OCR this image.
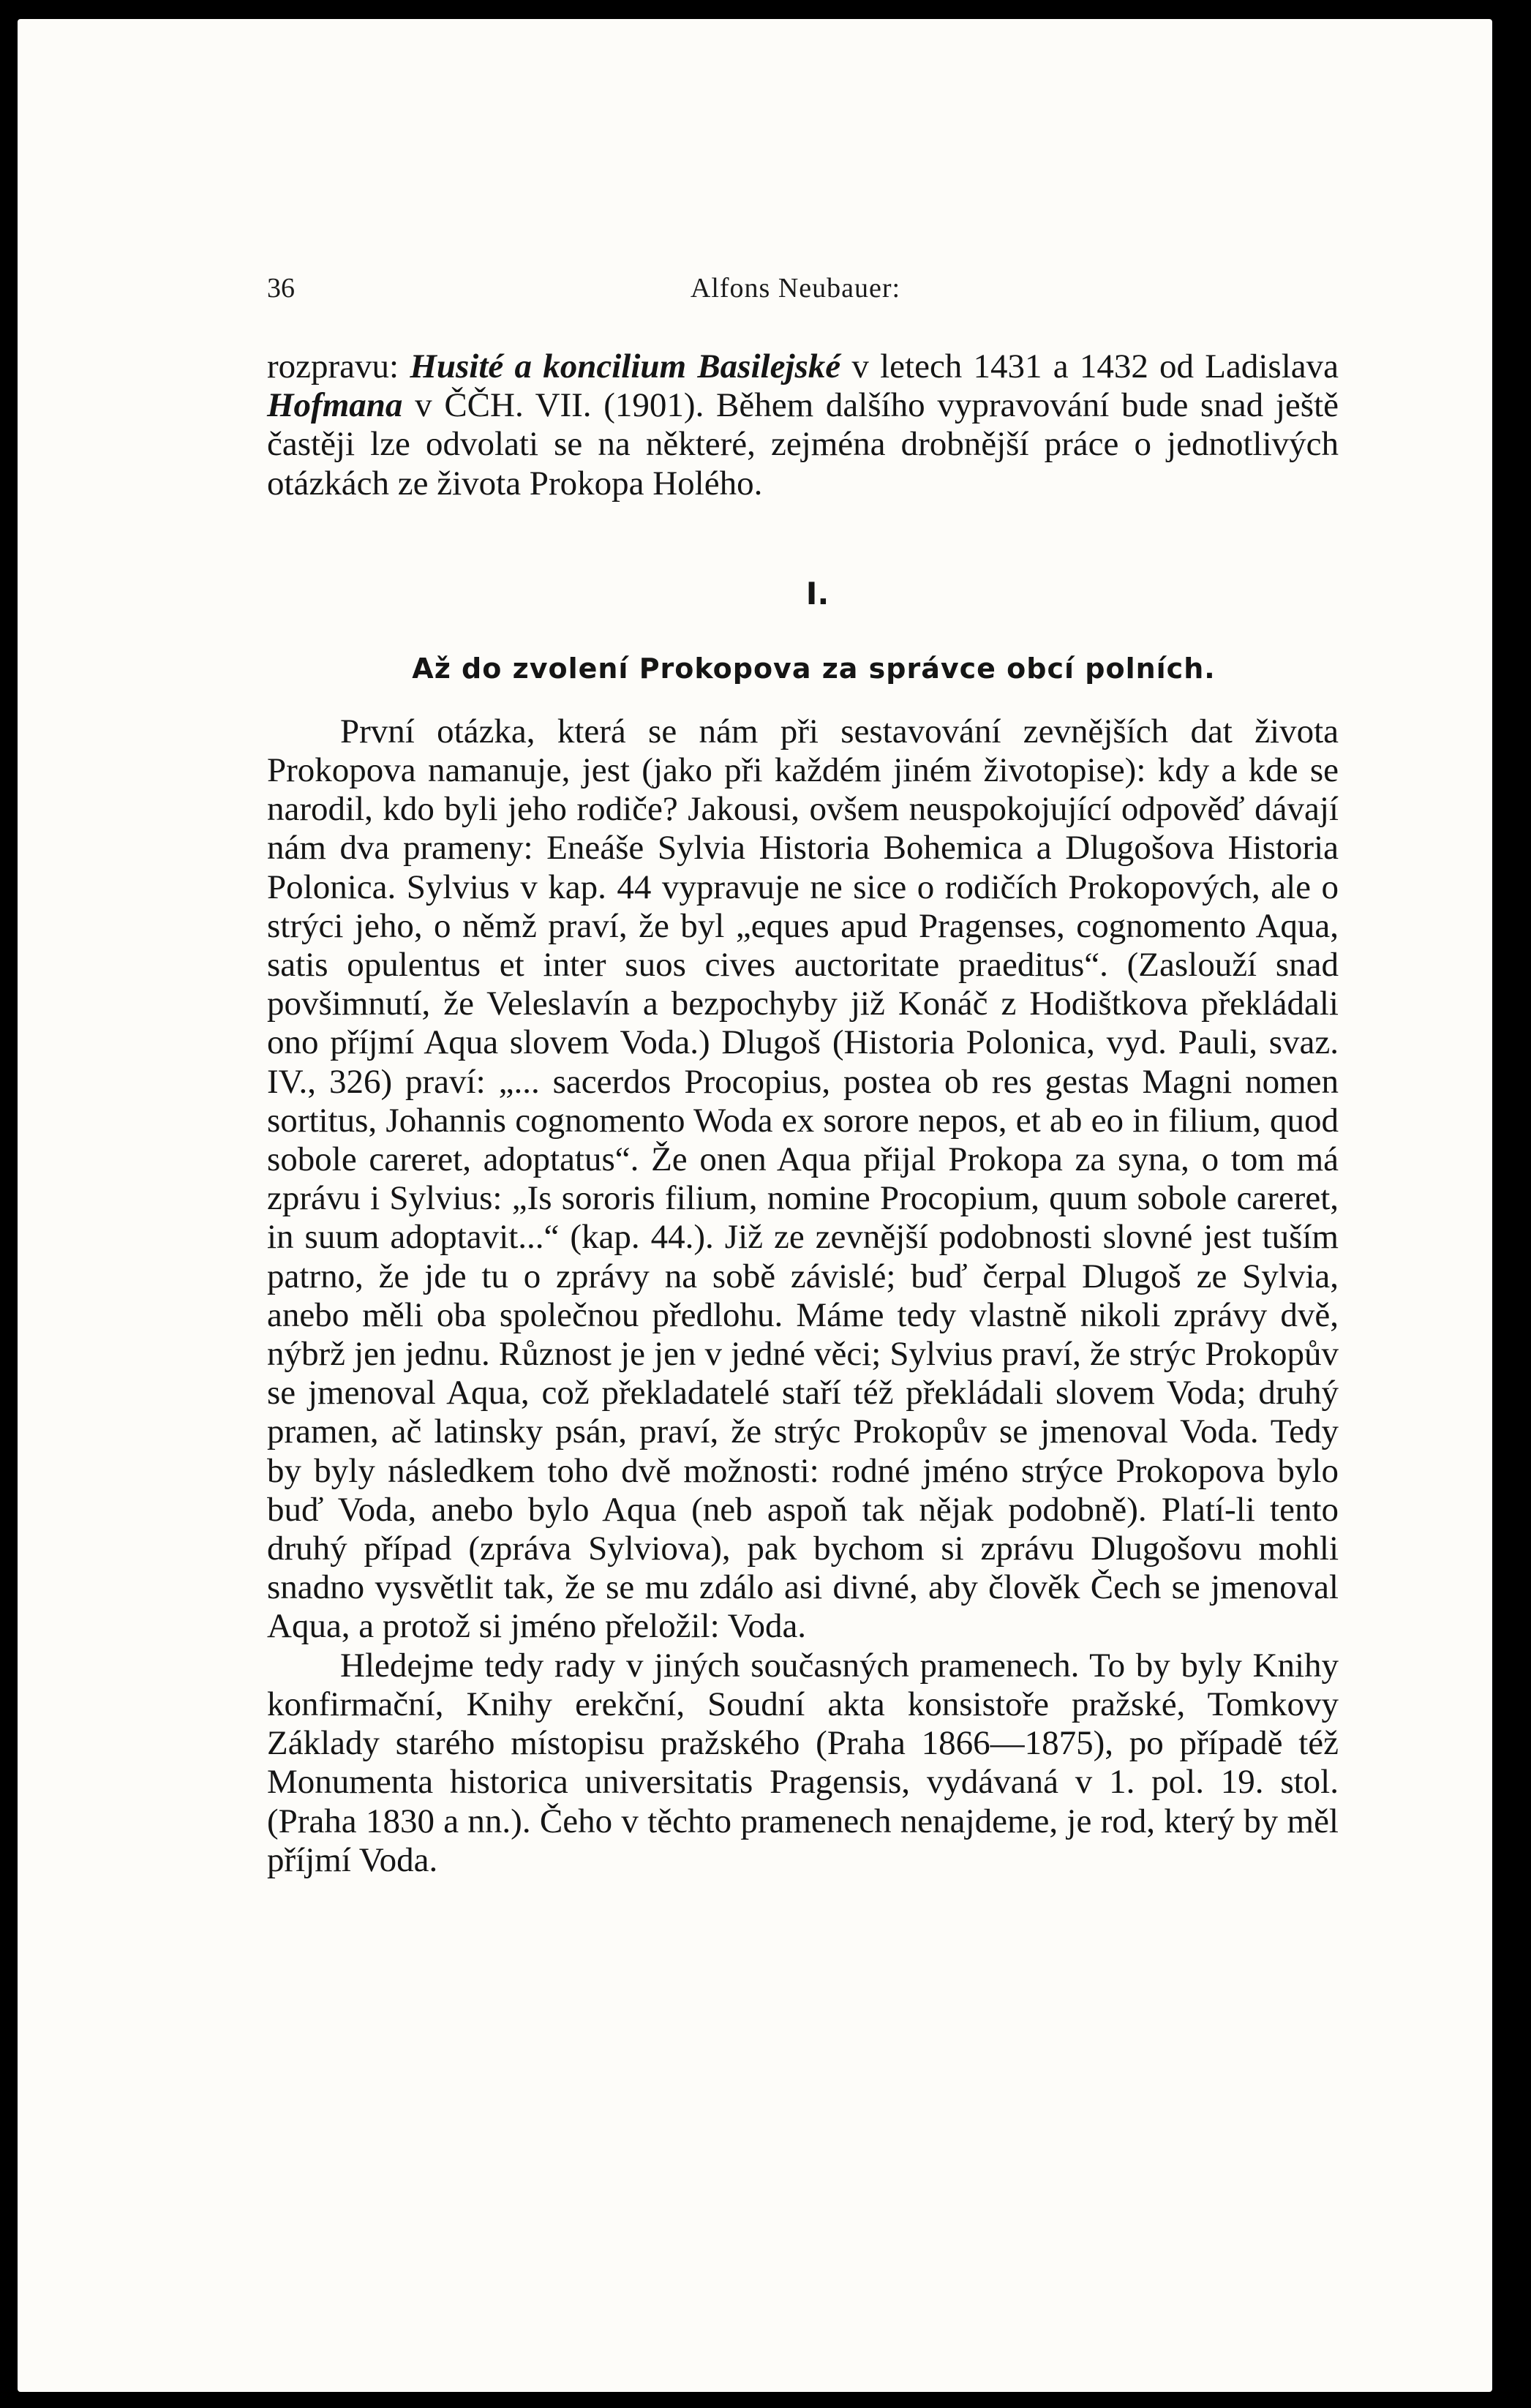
36	Alfons Neubauer:

rozpravu: Husité a koncilium Basilejské v letech 1431 a 1432 od Ladislava Hofmana v ČČH. VII. (1901). Během dalšího vypravování bude snad ještě častěji lze odvolati se na některé, zejména drobnější práce o jednotlivých otázkách ze života Prokopa Holého.

I.
Až do zvolení Prokopova za správce obcí polních.

První otázka, která se nám při sestavování zevnějších dat života Prokopova namanuje, jest (jako při každém jiném životopise): kdy a kde se narodil, kdo byli jeho rodiče? Jakousi, ovšem neuspokojující odpověď dávají nám dva prameny: Eneáše Sylvia Historia Bohemica a Dlugošova Historia Polonica. Sylvius v kap. 44 vypravuje ne sice o rodičích Prokopových, ale o strýci jeho, o němž praví, že byl „eques apud Pragenses, cognomento Aqua, satis opulentus et inter suos cives auctoritate praeditus“. (Zaslouží snad povšimnutí, že Veleslavín a bezpochyby již Konáč z Hodištkova překládali ono příjmí Aqua slovem Voda.) Dlugoš (Historia Polonica, vyd. Pauli, svaz. IV., 326) praví: „... sacerdos Procopius, postea ob res gestas Magni nomen sortitus, Johannis cognomento Woda ex sorore nepos, et ab eo in filium, quod sobole careret, adoptatus“. Že onen Aqua přijal Prokopa za syna, o tom má zprávu i Sylvius: „Is sororis filium, nomine Procopium, quum sobole careret, in suum adoptavit...“ (kap. 44.). Již ze zevnější podobnosti slovné jest tuším patrno, že jde tu o zprávy na sobě závislé; buď čerpal Dlugoš ze Sylvia, anebo měli oba společnou předlohu. Máme tedy vlastně nikoli zprávy dvě, nýbrž jen jednu. Různost je jen v jedné věci; Sylvius praví, že strýc Prokopův se jmenoval Aqua, což překladatelé staří též překládali slovem Voda; druhý pramen, ač latinsky psán, praví, že strýc Prokopův se jmenoval Voda. Tedy by byly následkem toho dvě možnosti: rodné jméno strýce Prokopova bylo buď Voda, anebo bylo Aqua (neb aspoň tak nějak podobně). Platí-li tento druhý případ (zpráva Sylviova), pak bychom si zprávu Dlugošovu mohli snadno vysvětlit tak, že se mu zdálo asi divné, aby člověk Čech se jmenoval Aqua, a protož si jméno přeložil: Voda.

Hledejme tedy rady v jiných současných pramenech. To by byly Knihy konfirmační, Knihy erekční, Soudní akta konsistoře pražské, Tomkovy Základy starého místopisu pražského (Praha 1866—1875), po případě též Monumenta historica universitatis Pragensis, vydávaná v 1. pol. 19. stol. (Praha 1830 a nn.). Čeho v těchto pramenech nenajdeme, je rod, který by měl příjmí Voda.
